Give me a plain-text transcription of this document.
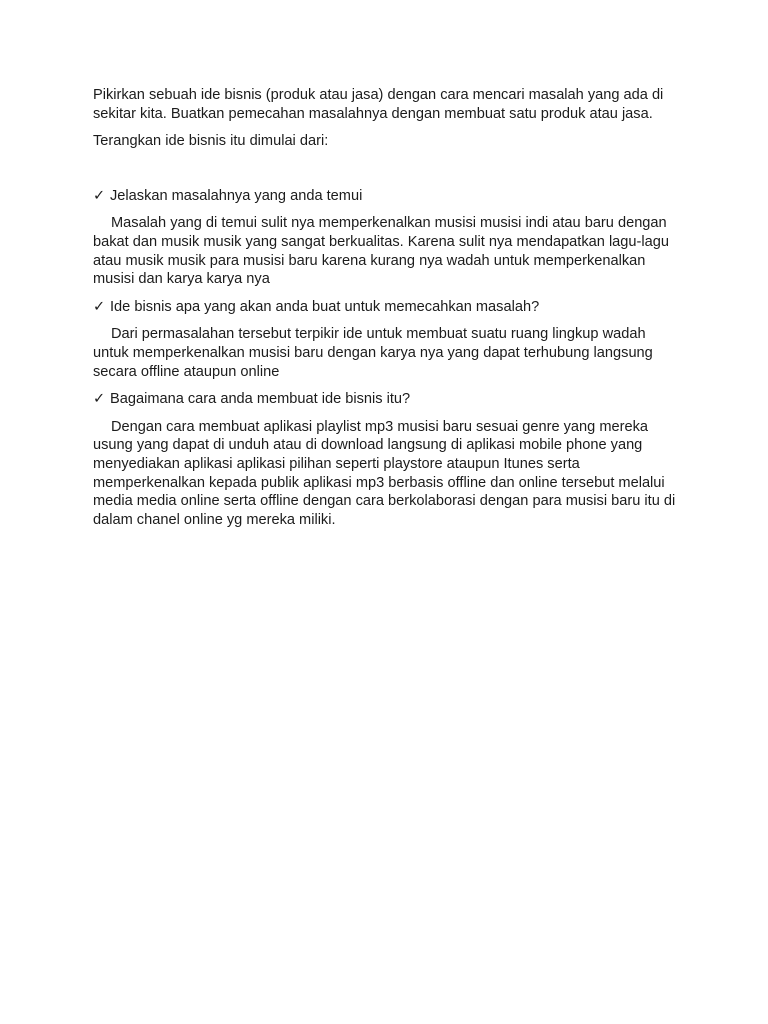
Pikirkan sebuah ide bisnis (produk atau jasa) dengan cara mencari masalah yang ada di sekitar kita. Buatkan pemecahan masalahnya dengan membuat satu produk atau jasa.

Terangkan ide bisnis itu dimulai dari:

✓ Jelaskan masalahnya yang anda temui

Masalah yang di temui sulit nya memperkenalkan musisi musisi indi atau baru dengan bakat dan musik musik yang sangat berkualitas. Karena sulit nya mendapatkan lagu-lagu atau musik musik para musisi baru karena kurang nya wadah untuk memperkenalkan musisi dan karya karya nya

✓ Ide bisnis apa yang akan anda buat untuk memecahkan masalah?

Dari permasalahan tersebut terpikir ide untuk membuat suatu ruang lingkup wadah untuk memperkenalkan musisi baru dengan karya nya yang dapat terhubung langsung secara offline ataupun online

✓ Bagaimana cara anda membuat ide bisnis itu?

Dengan cara membuat aplikasi playlist mp3 musisi baru sesuai genre yang mereka usung yang dapat di unduh atau di download langsung di aplikasi mobile phone yang menyediakan aplikasi aplikasi pilihan seperti playstore ataupun Itunes serta memperkenalkan kepada publik aplikasi mp3 berbasis offline dan online tersebut melalui media media online serta offline dengan cara berkolaborasi dengan para musisi baru itu di dalam chanel online yg mereka miliki.
